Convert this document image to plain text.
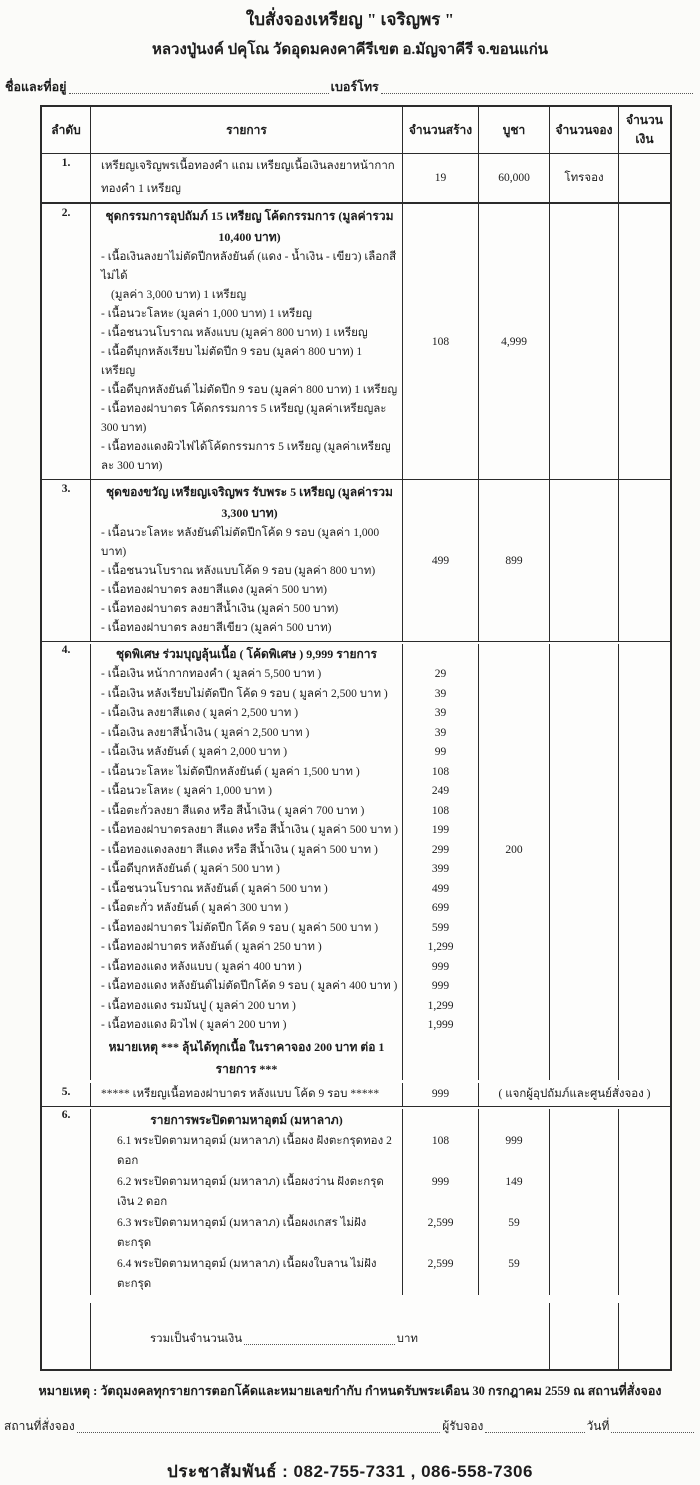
ใบสั่งจองเหรียญ " เจริญพร "
หลวงปู่นงค์ ปคุโณ วัดอุดมคงคาคีรีเขต อ.มัญจาคีรี จ.ขอนแก่น
ชื่อและที่อยู่	เบอร์โทร
ลำดับ	รายการ	จำนวนสร้าง	บูชา	จำนวนจอง
จำนวนเงิน
1.	เหรียญเจริญพรเนื้อทองคำ แถม เหรียญเนื้อเงินลงยาหน้ากากทองคำ 1 เหรียญ
19	60,000	โทรจอง
2.	ชุดกรรมการอุปถัมภ์ 15 เหรียญ โค้ดกรรมการ (มูลค่ารวม 10,400 บาท)
- เนื้อเงินลงยาไม่ตัดปีกหลังยันต์ (แดง - น้ำเงิน - เขียว) เลือกสีไม่ได้
(มูลค่า 3,000 บาท) 1 เหรียญ
- เนื้อนวะโลหะ (มูลค่า 1,000 บาท) 1 เหรียญ
- เนื้อชนวนโบราณ หลังแบบ (มูลค่า 800 บาท) 1 เหรียญ
- เนื้อดีบุกหลังเรียบ ไม่ตัดปีก 9 รอบ (มูลค่า 800 บาท) 1 เหรียญ
- เนื้อดีบุกหลังยันต์ ไม่ตัดปีก 9 รอบ (มูลค่า 800 บาท) 1 เหรียญ
- เนื้อทองฝาบาตร โค้ดกรรมการ 5 เหรียญ (มูลค่าเหรียญละ 300 บาท)
- เนื้อทองแดงผิวไฟได้โค้ดกรรมการ 5 เหรียญ (มูลค่าเหรียญละ 300 บาท)
108	4,999
3.	ชุดของขวัญ เหรียญเจริญพร รับพระ 5 เหรียญ (มูลค่ารวม 3,300 บาท)
- เนื้อนวะโลหะ หลังยันต์ไม่ตัดปีกโค้ด 9 รอบ (มูลค่า 1,000 บาท)
- เนื้อชนวนโบราณ หลังแบบโค้ด 9 รอบ (มูลค่า 800 บาท)
- เนื้อทองฝาบาตร ลงยาสีแดง (มูลค่า 500 บาท)
- เนื้อทองฝาบาตร ลงยาสีน้ำเงิน (มูลค่า 500 บาท)
- เนื้อทองฝาบาตร ลงยาสีเขียว (มูลค่า 500 บาท)
499	899
4.	ชุดพิเศษ ร่วมบุญลุ้นเนื้อ ( โค้ดพิเศษ ) 9,999 รายการ
- เนื้อเงิน หน้ากากทองคำ ( มูลค่า 5,500 บาท )	29
- เนื้อเงิน หลังเรียบไม่ตัดปีก โค้ด 9 รอบ ( มูลค่า 2,500 บาท )	39
- เนื้อเงิน ลงยาสีแดง ( มูลค่า 2,500 บาท )	39
- เนื้อเงิน ลงยาสีน้ำเงิน ( มูลค่า 2,500 บาท )	39
- เนื้อเงิน หลังยันต์ ( มูลค่า 2,000 บาท )	99
- เนื้อนวะโลหะ ไม่ตัดปีกหลังยันต์ ( มูลค่า 1,500 บาท )	108
- เนื้อนวะโลหะ ( มูลค่า 1,000 บาท )	249
- เนื้อตะกั่วลงยา สีแดง หรือ สีน้ำเงิน ( มูลค่า 700 บาท )	108
- เนื้อทองฝาบาตรลงยา สีแดง หรือ สีน้ำเงิน ( มูลค่า 500 บาท )	199
- เนื้อทองแดงลงยา สีแดง หรือ สีน้ำเงิน ( มูลค่า 500 บาท )	299	200
- เนื้อดีบุกหลังยันต์ ( มูลค่า 500 บาท )	399
- เนื้อชนวนโบราณ หลังยันต์ ( มูลค่า 500 บาท )	499
- เนื้อตะกั่ว หลังยันต์ ( มูลค่า 300 บาท )	699
- เนื้อทองฝาบาตร ไม่ตัดปีก โค้ด 9 รอบ ( มูลค่า 500 บาท )	599
- เนื้อทองฝาบาตร หลังยันต์ ( มูลค่า 250 บาท )	1,299
- เนื้อทองแดง หลังแบบ ( มูลค่า 400 บาท )	999
- เนื้อทองแดง หลังยันต์ไม่ตัดปีกโค้ด 9 รอบ ( มูลค่า 400 บาท )	999
- เนื้อทองแดง รมมันปู ( มูลค่า 200 บาท )	1,299
- เนื้อทองแดง ผิวไฟ ( มูลค่า 200 บาท )	1,999
หมายเหตุ *** ลุ้นได้ทุกเนื้อ ในราคาจอง 200 บาท ต่อ 1 รายการ ***
5.	***** เหรียญเนื้อทองฝาบาตร หลังแบบ โค้ด 9 รอบ *****	999	( แจกผู้อุปถัมภ์และศูนย์สั่งจอง )
6.	รายการพระปิดตามหาอุตม์ (มหาลาภ)
6.1 พระปิดตามหาอุตม์ (มหาลาภ) เนื้อผง ฝังตะกรุดทอง 2 ดอก
108	999
6.2 พระปิดตามหาอุตม์ (มหาลาภ) เนื้อผงว่าน ฝังตะกรุดเงิน 2 ดอก
999	149
6.3 พระปิดตามหาอุตม์ (มหาลาภ) เนื้อผงเกสร ไม่ฝังตะกรุด
2,599	59
6.4 พระปิดตามหาอุตม์ (มหาลาภ) เนื้อผงใบลาน ไม่ฝังตะกรุด
2,599	59
รวมเป็นจำนวนเงิน	บาท
หมายเหตุ : วัตถุมงคลทุกรายการตอกโค้ดและหมายเลขกำกับ กำหนดรับพระเดือน 30 กรกฎาคม 2559 ณ สถานที่สั่งจอง
สถานที่สั่งจอง	ผู้รับจอง	วันที่
ประชาสัมพันธ์ : 082-755-7331 , 086-558-7306
